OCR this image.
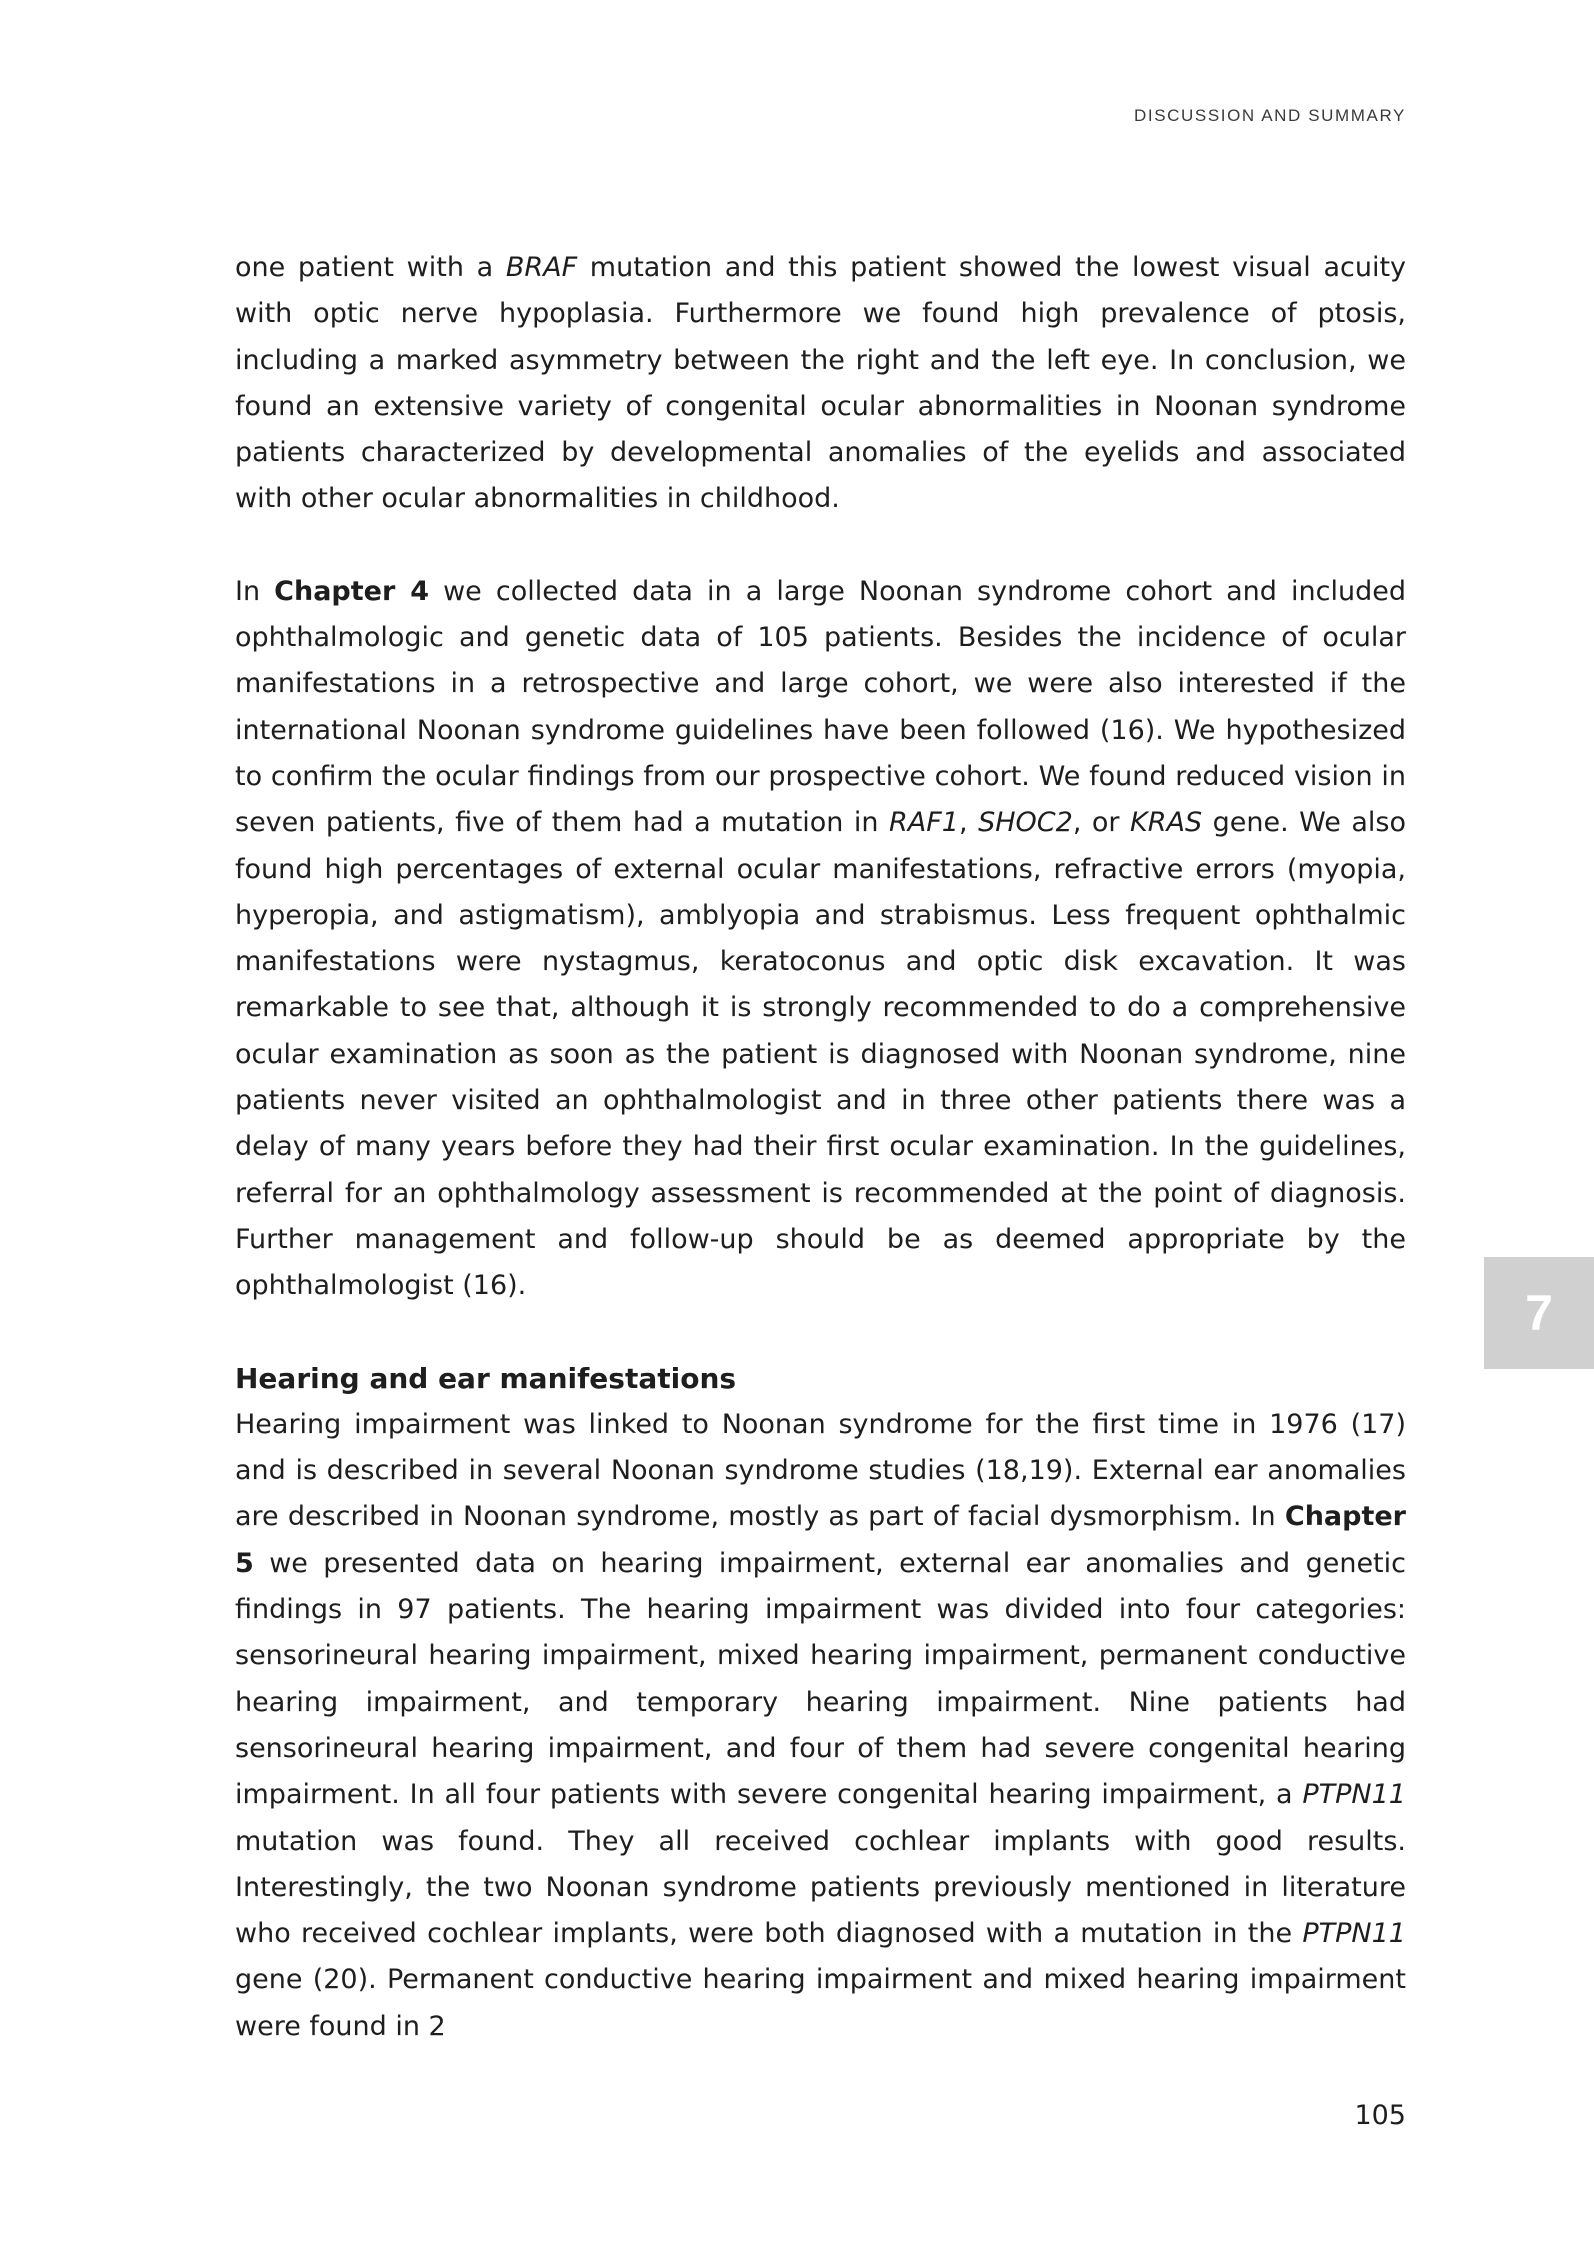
DISCUSSION AND SUMMARY

one patient with a BRAF mutation and this patient showed the lowest visual acuity with optic nerve hypoplasia. Furthermore we found high prevalence of ptosis, including a marked asymmetry between the right and the left eye. In conclusion, we found an extensive variety of congenital ocular abnormalities in Noonan syndrome patients characterized by developmental anomalies of the eyelids and associated with other ocular abnormalities in childhood.

In Chapter 4 we collected data in a large Noonan syndrome cohort and included ophthalmologic and genetic data of 105 patients. Besides the incidence of ocular manifestations in a retrospective and large cohort, we were also interested if the international Noonan syndrome guidelines have been followed (16). We hypothesized to confirm the ocular findings from our prospective cohort. We found reduced vision in seven patients, five of them had a mutation in RAF1, SHOC2, or KRAS gene. We also found high percentages of external ocular manifestations, refractive errors (myopia, hyperopia, and astigmatism), amblyopia and strabismus. Less frequent ophthalmic manifestations were nystagmus, keratoconus and optic disk excavation. It was remarkable to see that, although it is strongly recommended to do a comprehensive ocular examination as soon as the patient is diagnosed with Noonan syndrome, nine patients never visited an ophthalmologist and in three other patients there was a delay of many years before they had their first ocular examination. In the guidelines, referral for an ophthalmology assessment is recommended at the point of diagnosis. Further management and follow-up should be as deemed appropriate by the ophthalmologist (16).

Hearing and ear manifestations

Hearing impairment was linked to Noonan syndrome for the first time in 1976 (17) and is described in several Noonan syndrome studies (18,19). External ear anomalies are described in Noonan syndrome, mostly as part of facial dysmorphism. In Chapter 5 we presented data on hearing impairment, external ear anomalies and genetic findings in 97 patients. The hearing impairment was divided into four categories: sensorineural hearing impairment, mixed hearing impairment, permanent conductive hearing impairment, and temporary hearing impairment. Nine patients had sensorineural hearing impairment, and four of them had severe congenital hearing impairment. In all four patients with severe congenital hearing impairment, a PTPN11 mutation was found. They all received cochlear implants with good results. Interestingly, the two Noonan syndrome patients previously mentioned in literature who received cochlear implants, were both diagnosed with a mutation in the PTPN11 gene (20). Permanent conductive hearing impairment and mixed hearing impairment were found in 2

7
105
